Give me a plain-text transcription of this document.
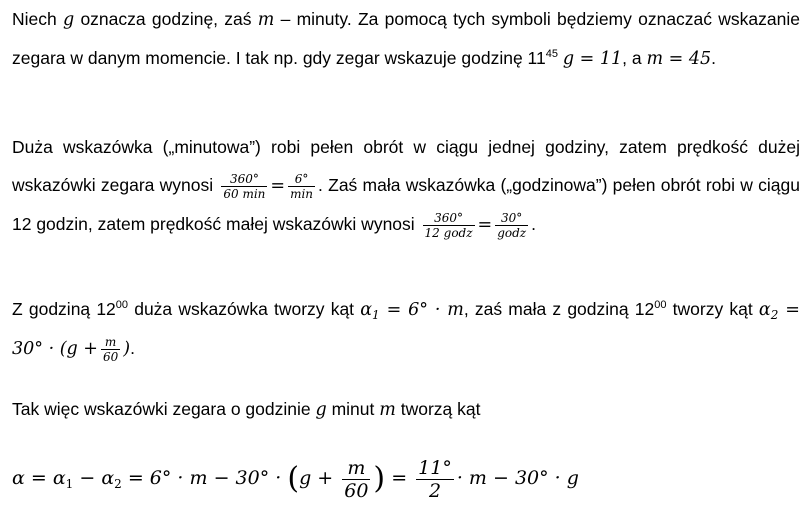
Niech g oznacza godzinę, zaś m – minuty. Za pomocą tych symboli będziemy oznaczać wskazanie zegara w danym momencie. I tak np. gdy zegar wskazuje godzinę $11^{45}$ g = 11, a m = 45.

Duża wskazówka („minutowa”) robi pełen obrót w ciągu jednej godziny, zatem prędkość dużej wskazówki zegara wynosi $\frac{360^\circ}{60 \min} = \frac{6^\circ}{\min}$ . Zaś mała wskazówka („godzinowa”) pełen obrót robi w ciągu 12 godzin, zatem prędkość małej wskazówki wynosi $\frac{360^\circ}{\text{12 godz}} = \frac{30^\circ}{\text{godz}}$ .

Z godziną $12^{00}$ duża wskazówka tworzy kąt $\alpha_1 = 6^\circ \cdot m$, zaś mała z godziną $12^{00}$ tworzy kąt $\alpha_2 = 30^\circ \cdot (g + \frac{m}{60}$ ).

Tak więc wskazówki zegara o godzinie g minut m tworzą kąt

$\alpha = \alpha_1 - \alpha_2 = 6^\circ \cdot m - 30^\circ \cdot (g + \frac{m}{60}$ ) = $\frac{11^\circ}{2} \cdot m - 30^\circ \cdot g$
